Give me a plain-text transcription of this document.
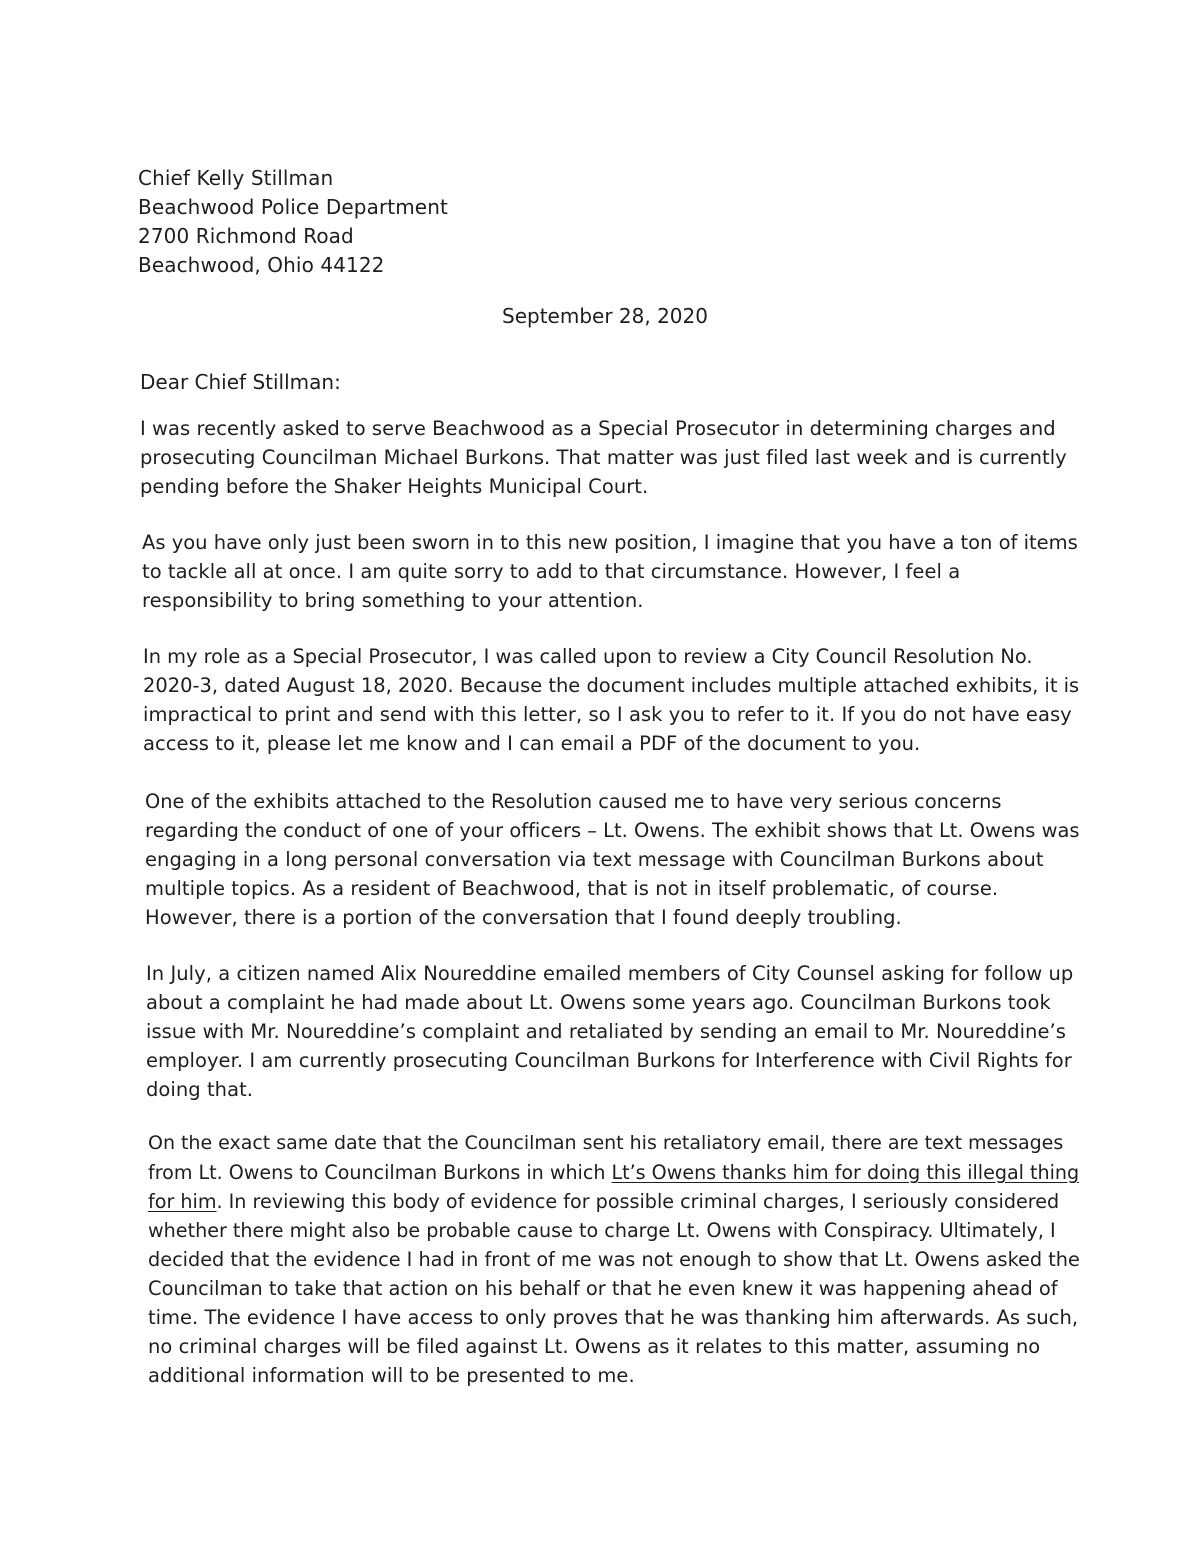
Chief Kelly Stillman
Beachwood Police Department
2700 Richmond Road
Beachwood, Ohio 44122
September 28, 2020
Dear Chief Stillman:
I was recently asked to serve Beachwood as a Special Prosecutor in determining charges and
prosecuting Councilman Michael Burkons. That matter was just filed last week and is currently
pending before the Shaker Heights Municipal Court.
As you have only just been sworn in to this new position, I imagine that you have a ton of items
to tackle all at once. I am quite sorry to add to that circumstance. However, I feel a
responsibility to bring something to your attention.
In my role as a Special Prosecutor, I was called upon to review a City Council Resolution No.
2020-3, dated August 18, 2020. Because the document includes multiple attached exhibits, it is
impractical to print and send with this letter, so I ask you to refer to it. If you do not have easy
access to it, please let me know and I can email a PDF of the document to you.
One of the exhibits attached to the Resolution caused me to have very serious concerns
regarding the conduct of one of your officers – Lt. Owens. The exhibit shows that Lt. Owens was
engaging in a long personal conversation via text message with Councilman Burkons about
multiple topics. As a resident of Beachwood, that is not in itself problematic, of course.
However, there is a portion of the conversation that I found deeply troubling.
In July, a citizen named Alix Noureddine emailed members of City Counsel asking for follow up
about a complaint he had made about Lt. Owens some years ago. Councilman Burkons took
issue with Mr. Noureddine’s complaint and retaliated by sending an email to Mr. Noureddine’s
employer. I am currently prosecuting Councilman Burkons for Interference with Civil Rights for
doing that.
On the exact same date that the Councilman sent his retaliatory email, there are text messages
from Lt. Owens to Councilman Burkons in which Lt’s Owens thanks him for doing this illegal thing
for him. In reviewing this body of evidence for possible criminal charges, I seriously considered
whether there might also be probable cause to charge Lt. Owens with Conspiracy. Ultimately, I
decided that the evidence I had in front of me was not enough to show that Lt. Owens asked the
Councilman to take that action on his behalf or that he even knew it was happening ahead of
time. The evidence I have access to only proves that he was thanking him afterwards. As such,
no criminal charges will be filed against Lt. Owens as it relates to this matter, assuming no
additional information will to be presented to me.
